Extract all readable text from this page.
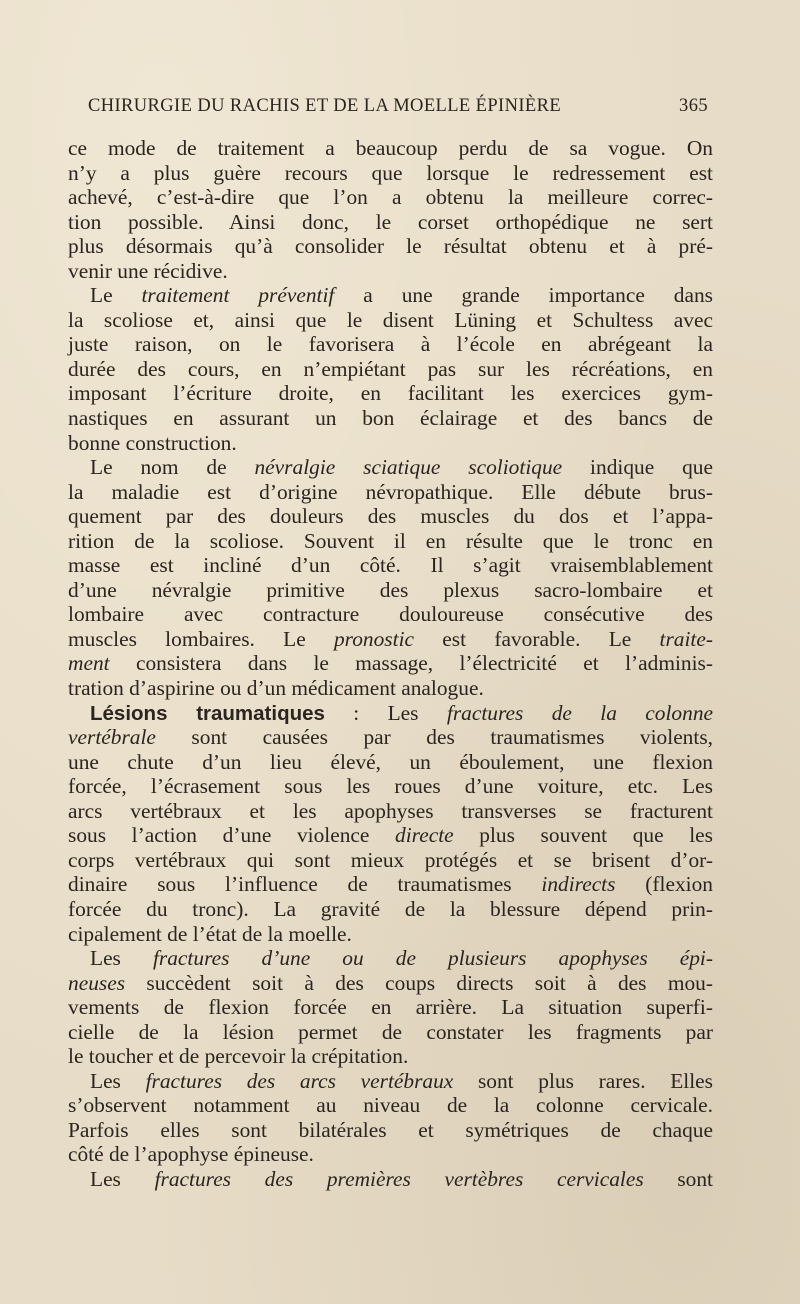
CHIRURGIE DU RACHIS ET DE LA MOELLE ÉPINIÈRE	365
ce mode de traitement a beaucoup perdu de sa vogue. On
n’y a plus guère recours que lorsque le redressement est
achevé, c’est-à-dire que l’on a obtenu la meilleure correc-
tion possible. Ainsi donc, le corset orthopédique ne sert
plus désormais qu’à consolider le résultat obtenu et à pré-
venir une récidive.
Le traitement préventif a une grande importance dans
la scoliose et, ainsi que le disent Lüning et Schultess avec
juste raison, on le favorisera à l’école en abrégeant la
durée des cours, en n’empiétant pas sur les récréations, en
imposant l’écriture droite, en facilitant les exercices gym-
nastiques en assurant un bon éclairage et des bancs de
bonne construction.
Le nom de névralgie sciatique scoliotique indique que
la maladie est d’origine névropathique. Elle débute brus-
quement par des douleurs des muscles du dos et l’appa-
rition de la scoliose. Souvent il en résulte que le tronc en
masse est incliné d’un côté. Il s’agit vraisemblablement
d’une névralgie primitive des plexus sacro-lombaire et
lombaire avec contracture douloureuse consécutive des
muscles lombaires. Le pronostic est favorable. Le traite-
ment consistera dans le massage, l’électricité et l’adminis-
tration d’aspirine ou d’un médicament analogue.
Lésions traumatiques : Les fractures de la colonne
vertébrale sont causées par des traumatismes violents,
une chute d’un lieu élevé, un éboulement, une flexion
forcée, l’écrasement sous les roues d’une voiture, etc. Les
arcs vertébraux et les apophyses transverses se fracturent
sous l’action d’une violence directe plus souvent que les
corps vertébraux qui sont mieux protégés et se brisent d’or-
dinaire sous l’influence de traumatismes indirects (flexion
forcée du tronc). La gravité de la blessure dépend prin-
cipalement de l’état de la moelle.
Les fractures d’une ou de plusieurs apophyses épi-
neuses succèdent soit à des coups directs soit à des mou-
vements de flexion forcée en arrière. La situation superfi-
cielle de la lésion permet de constater les fragments par
le toucher et de percevoir la crépitation.
Les fractures des arcs vertébraux sont plus rares. Elles
s’observent notamment au niveau de la colonne cervicale.
Parfois elles sont bilatérales et symétriques de chaque
côté de l’apophyse épineuse.
Les fractures des premières vertèbres cervicales sont
